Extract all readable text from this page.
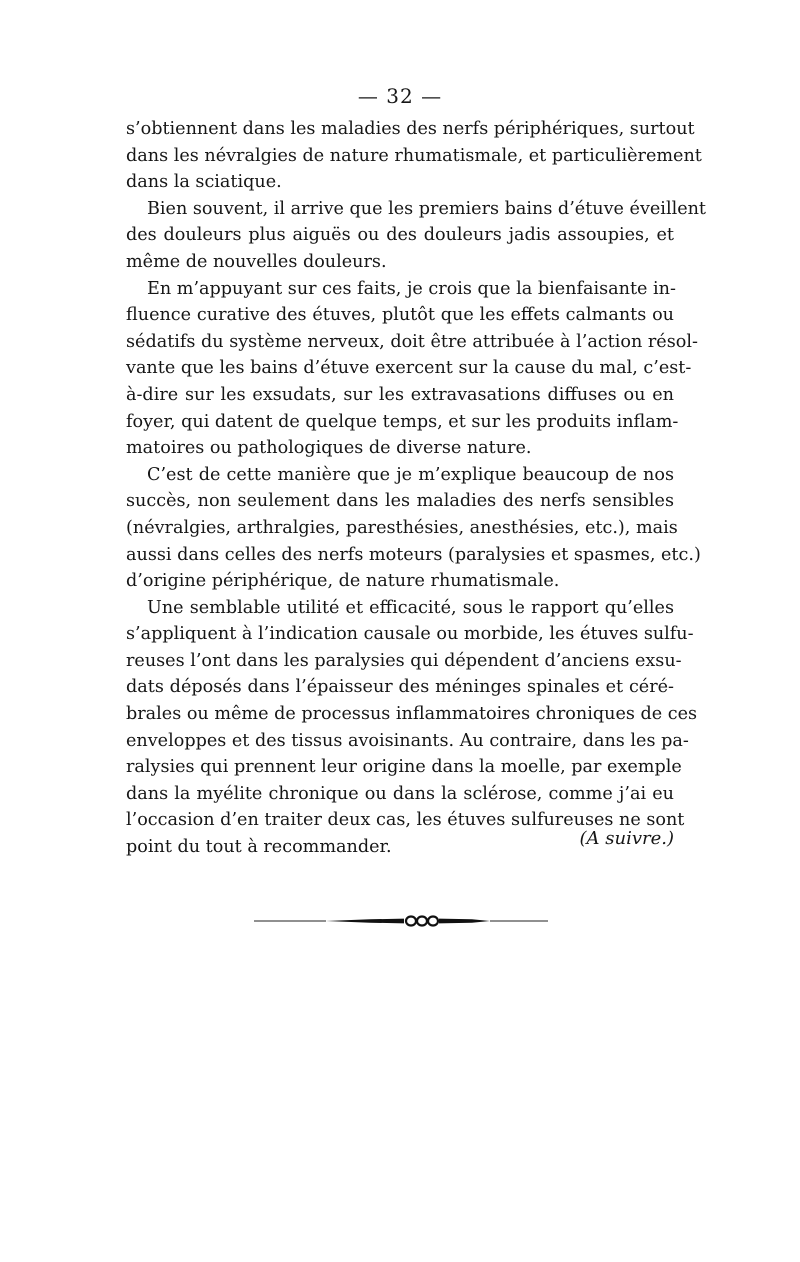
— 32 —
s’obtiennent dans les maladies des nerfs périphériques, surtout
dans les névralgies de nature rhumatismale, et particulièrement
dans la sciatique.
Bien souvent, il arrive que les premiers bains d’étuve éveillent
des douleurs plus aiguës ou des douleurs jadis assoupies, et
même de nouvelles douleurs.
En m’appuyant sur ces faits, je crois que la bienfaisante in-
fluence curative des étuves, plutôt que les effets calmants ou
sédatifs du système nerveux, doit être attribuée à l’action résol-
vante que les bains d’étuve exercent sur la cause du mal, c’est-
à-dire sur les exsudats, sur les extravasations diffuses ou en
foyer, qui datent de quelque temps, et sur les produits inflam-
matoires ou pathologiques de diverse nature.
C’est de cette manière que je m’explique beaucoup de nos
succès, non seulement dans les maladies des nerfs sensibles
(névralgies, arthralgies, paresthésies, anesthésies, etc.), mais
aussi dans celles des nerfs moteurs (paralysies et spasmes, etc.)
d’origine périphérique, de nature rhumatismale.
Une semblable utilité et efficacité, sous le rapport qu’elles
s’appliquent à l’indication causale ou morbide, les étuves sulfu-
reuses l’ont dans les paralysies qui dépendent d’anciens exsu-
dats déposés dans l’épaisseur des méninges spinales et céré-
brales ou même de processus inflammatoires chroniques de ces
enveloppes et des tissus avoisinants. Au contraire, dans les pa-
ralysies qui prennent leur origine dans la moelle, par exemple
dans la myélite chronique ou dans la sclérose, comme j’ai eu
l’occasion d’en traiter deux cas, les étuves sulfureuses ne sont
point du tout à recommander.	(A suivre.)
